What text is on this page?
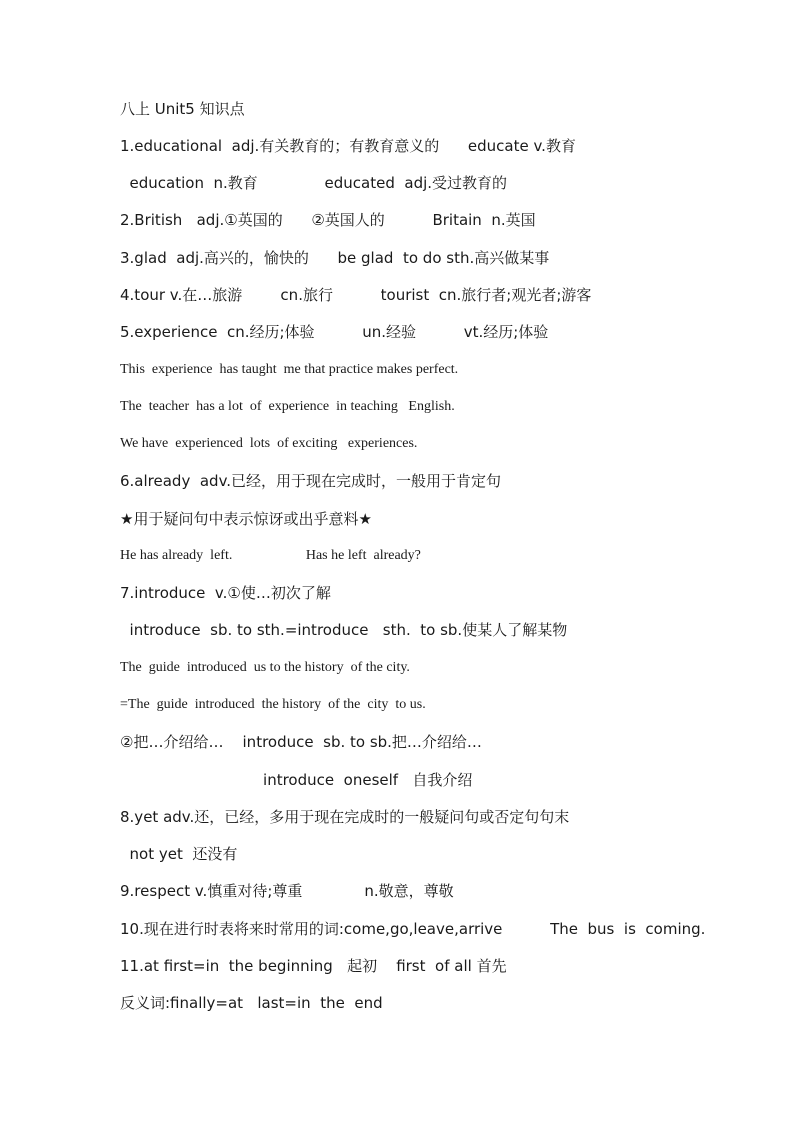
八上 Unit5 知识点
1.educational  adj.有关教育的；有教育意义的      educate v.教育
education  n.教育              educated  adj.受过教育的
2.British   adj.①英国的      ②英国人的          Britain  n.英国
3.glad  adj.高兴的，愉快的      be glad  to do sth.高兴做某事
4.tour v.在…旅游        cn.旅行          tourist  cn.旅行者;观光者;游客
5.experience  cn.经历;体验          un.经验          vt.经历;体验
This  experience  has taught  me that practice makes perfect.
The  teacher  has a lot  of  experience  in teaching   English.
We have  experienced  lots  of exciting   experiences.
6.already  adv.已经，用于现在完成时，一般用于肯定句
★用于疑问句中表示惊讶或出乎意料★
He has already  left.                     Has he left  already?
7.introduce  v.①使…初次了解
introduce  sb. to sth.=introduce   sth.  to sb.使某人了解某物
The  guide  introduced  us to the history  of the city.
=The  guide  introduced  the history  of the  city  to us.
②把…介绍给…    introduce  sb. to sb.把…介绍给…
introduce  oneself   自我介绍
8.yet adv.还，已经，多用于现在完成时的一般疑问句或否定句句末
not yet  还没有
9.respect v.慎重对待;尊重             n.敬意，尊敬
10.现在进行时表将来时常用的词:come,go,leave,arrive          The  bus  is  coming.
11.at first=in  the beginning   起初    first  of all 首先
反义词:finally=at   last=in  the  end
